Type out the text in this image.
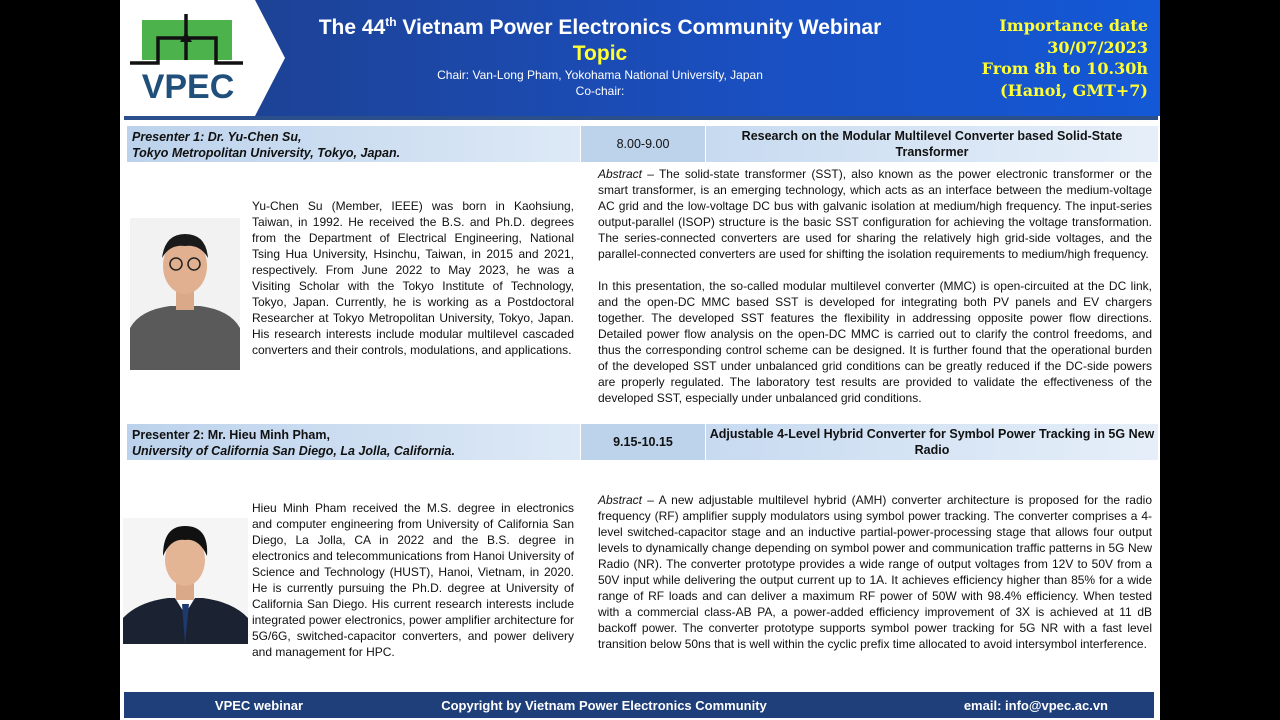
VPEC
The 44th Vietnam Power Electronics Community Webinar
Topic
Chair: Van-Long Pham, Yokohama National University, Japan
Co-chair:
Importance date
30/07/2023
From 8h to 10.30h
(Hanoi, GMT+7)
Presenter 1: Dr. Yu-Chen Su,
Tokyo Metropolitan University, Tokyo, Japan.
8.00-9.00
Research on the Modular Multilevel Converter based Solid-State Transformer
Yu-Chen Su (Member, IEEE) was born in Kaohsiung, Taiwan, in 1992. He received the B.S. and Ph.D. degrees from the Department of Electrical Engineering, National Tsing Hua University, Hsinchu, Taiwan, in 2015 and 2021, respectively. From June 2022 to May 2023, he was a Visiting Scholar with the Tokyo Institute of Technology, Tokyo, Japan. Currently, he is working as a Postdoctoral Researcher at Tokyo Metropolitan University, Tokyo, Japan. His research interests include modular multilevel cascaded converters and their controls, modulations, and applications.
Abstract – The solid-state transformer (SST), also known as the power electronic transformer or the smart transformer, is an emerging technology, which acts as an interface between the medium-voltage AC grid and the low-voltage DC bus with galvanic isolation at medium/high frequency. The input-series output-parallel (ISOP) structure is the basic SST configuration for achieving the voltage transformation. The series-connected converters are used for sharing the relatively high grid-side voltages, and the parallel-connected converters are used for shifting the isolation requirements to medium/high frequency.
In this presentation, the so-called modular multilevel converter (MMC) is open-circuited at the DC link, and the open-DC MMC based SST is developed for integrating both PV panels and EV chargers together. The developed SST features the flexibility in addressing opposite power flow directions. Detailed power flow analysis on the open-DC MMC is carried out to clarify the control freedoms, and thus the corresponding control scheme can be designed. It is further found that the operational burden of the developed SST under unbalanced grid conditions can be greatly reduced if the DC-side powers are properly regulated. The laboratory test results are provided to validate the effectiveness of the developed SST, especially under unbalanced grid conditions.
Presenter 2: Mr. Hieu Minh Pham,
University of California San Diego, La Jolla, California.
9.15-10.15
Adjustable 4-Level Hybrid Converter for Symbol Power Tracking in 5G New Radio
Hieu Minh Pham received the M.S. degree in electronics and computer engineering from University of California San Diego, La Jolla, CA in 2022 and the B.S. degree in electronics and telecommunications from Hanoi University of Science and Technology (HUST), Hanoi, Vietnam, in 2020. He is currently pursuing the Ph.D. degree at University of California San Diego. His current research interests include integrated power electronics, power amplifier architecture for 5G/6G, switched-capacitor converters, and power delivery and management for HPC.
Abstract – A new adjustable multilevel hybrid (AMH) converter architecture is proposed for the radio frequency (RF) amplifier supply modulators using symbol power tracking. The converter comprises a 4-level switched-capacitor stage and an inductive partial-power-processing stage that allows four output levels to dynamically change depending on symbol power and communication traffic patterns in 5G New Radio (NR). The converter prototype provides a wide range of output voltages from 12V to 50V from a 50V input while delivering the output current up to 1A. It achieves efficiency higher than 85% for a wide range of RF loads and can deliver a maximum RF power of 50W with 98.4% efficiency. When tested with a commercial class-AB PA, a power-added efficiency improvement of 3X is achieved at 11 dB backoff power. The converter prototype supports symbol power tracking for 5G NR with a fast level transition below 50ns that is well within the cyclic prefix time allocated to avoid intersymbol interference.
VPEC webinar	Copyright by Vietnam Power Electronics Community	email: info@vpec.ac.vn
